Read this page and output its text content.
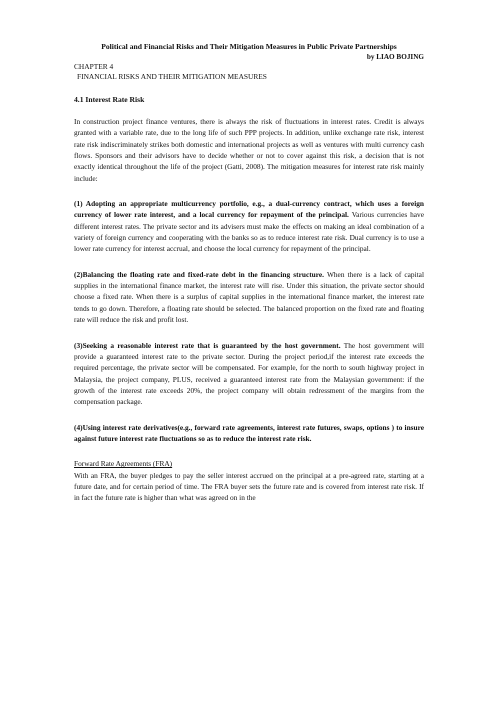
Political and Financial Risks and Their Mitigation Measures in Public Private Partnerships

by LIAO BOJING

CHAPTER 4

FINANCIAL RISKS AND THEIR MITIGATION MEASURES

4.1 Interest Rate Risk

In construction project finance ventures, there is always the risk of fluctuations in interest rates. Credit is always granted with a variable rate, due to the long life of such PPP projects. In addition, unlike exchange rate risk, interest rate risk indiscriminately strikes both domestic and international projects as well as ventures with multi currency cash flows. Sponsors and their advisors have to decide whether or not to cover against this risk, a decision that is not exactly identical throughout the life of the project (Gatti, 2008). The mitigation measures for interest rate risk mainly include:

(1) Adopting an appropriate multicurrency portfolio, e.g., a dual-currency contract, which uses a foreign currency of lower rate interest, and a local currency for repayment of the principal. Various currencies have different interest rates. The private sector and its advisers must make the effects on making an ideal combination of a variety of foreign currency and cooperating with the banks so as to reduce interest rate risk. Dual currency is to use a lower rate currency for interest accrual, and choose the local currency for repayment of the principal.

(2)Balancing the floating rate and fixed-rate debt in the financing structure. When there is a lack of capital supplies in the international finance market, the interest rate will rise. Under this situation, the private sector should choose a fixed rate. When there is a surplus of capital supplies in the international finance market, the interest rate tends to go down. Therefore, a floating rate should be selected. The balanced proportion on the fixed rate and floating rate will reduce the risk and profit lost.

(3)Seeking a reasonable interest rate that is guaranteed by the host government. The host government will provide a guaranteed interest rate to the private sector. During the project period,if the interest rate exceeds the required percentage, the private sector will be compensated. For example, for the north to south highway project in Malaysia, the project company, PLUS, received a guaranteed interest rate from the Malaysian government: if the growth of the interest rate exceeds 20%, the project company will obtain redressment of the margins from the compensation package.

(4)Using interest rate derivatives(e.g., forward rate agreements, interest rate futures, swaps, options ) to insure against future interest rate fluctuations so as to reduce the interest rate risk.

Forward Rate Agreements (FRA)

With an FRA, the buyer pledges to pay the seller interest accrued on the principal at a pre-agreed rate, starting at a future date, and for certain period of time. The FRA buyer sets the future rate and is covered from interest rate risk. If in fact the future rate is higher than what was agreed on in the
